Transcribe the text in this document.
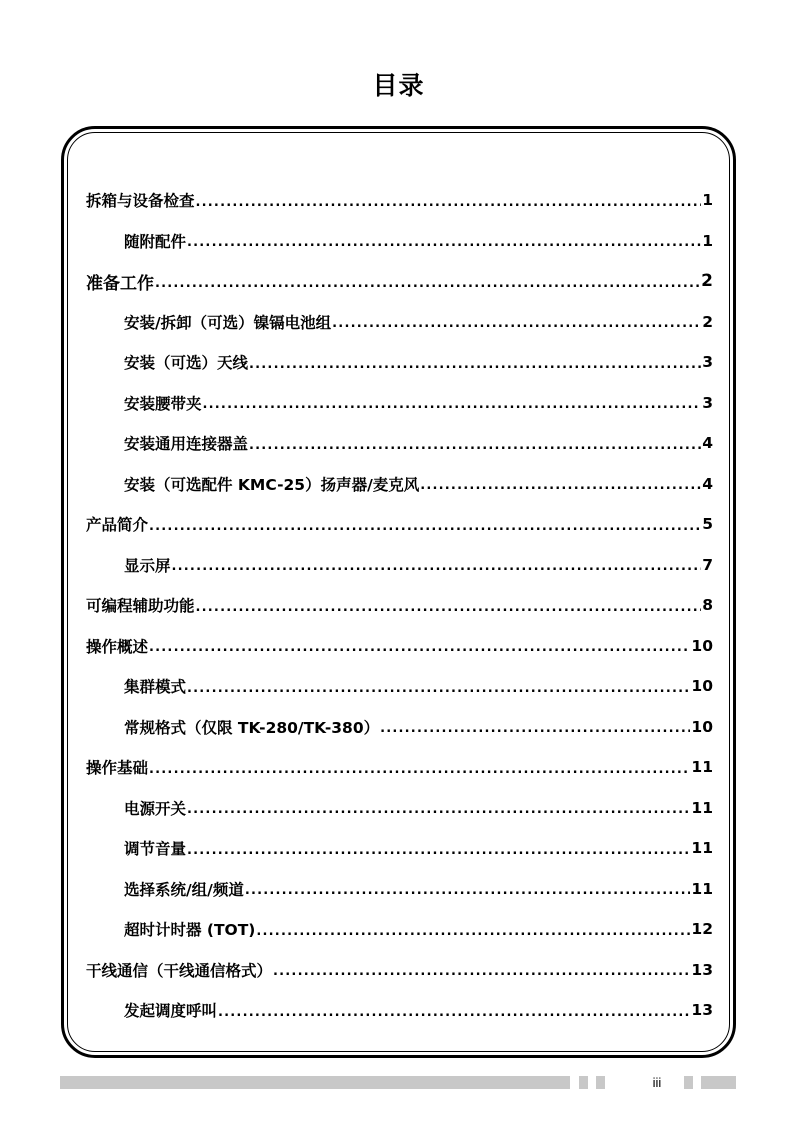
目录
拆箱与设备检查 .....	1
随附配件 .....	1
准备工作 .....	2
安装/拆卸（可选）镍镉电池组 .....	2
安装（可选）天线 .....	3
安装腰带夹 .....	3
安装通用连接器盖 .....	4
安装（可选配件 KMC-25）扬声器/麦克风 .....	4
产品简介 .....	5
显示屏 .....	7
可编程辅助功能 .....	8
操作概述 .....	10
集群模式 .....	10
常规格式（仅限 TK-280/TK-380） .....	10
操作基础 .....	11
电源开关 .....	11
调节音量 .....	11
选择系统/组/频道 .....	11
超时计时器 (TOT) .....	12
干线通信（干线通信格式） .....	13
发起调度呼叫 .....	13
iii
